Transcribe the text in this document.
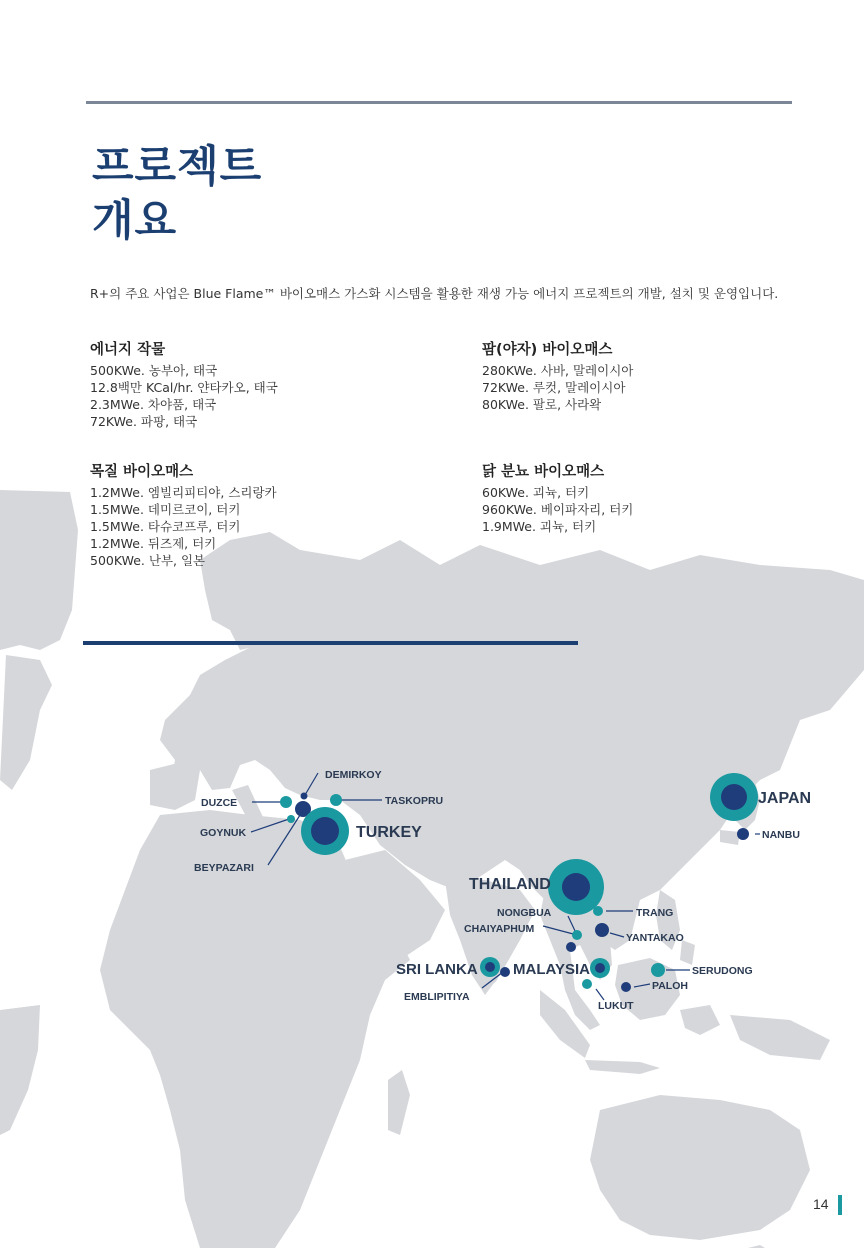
프로젝트
개요

R+의 주요 사업은 Blue Flame™ 바이오매스 가스화 시스템을 활용한 재생 가능 에너지 프로젝트의 개발, 설치 및 운영입니다.

에너지 작물
500KWe. 농부아, 태국
12.8백만 KCal/hr. 얀타카오, 태국
2.3MWe. 차야품, 태국
72KWe. 파팡, 태국
팜(야자) 바이오매스
280KWe. 사바, 말레이시아
72KWe. 루컷, 말레이시아
80KWe. 팔로, 사라왁
TURKEY
JAPAN
THAILAND
SRI LANKA MALAYSIA
DEMIRKOY
TASKOPRU
DUZCE
GOYNUK
BEYPAZARI
NANBU
NONGBUA	TRANG
CHAIYAPHUM
YANTAKAO
SERUDONG
EMBLIPITIYA
PALOH
LUKUT
목질 바이오매스
1.2MWe. 엠빌리피티야, 스리랑카
1.5MWe. 데미르코이, 터키
1.5MWe. 타슈코프루, 터키
1.2MWe. 뒤즈제, 터키
500KWe. 난부, 일본
닭 분뇨 바이오매스
60KWe. 괴뉵, 터키
960KWe. 베이파자리, 터키
1.9MWe. 괴뉵, 터키
14
